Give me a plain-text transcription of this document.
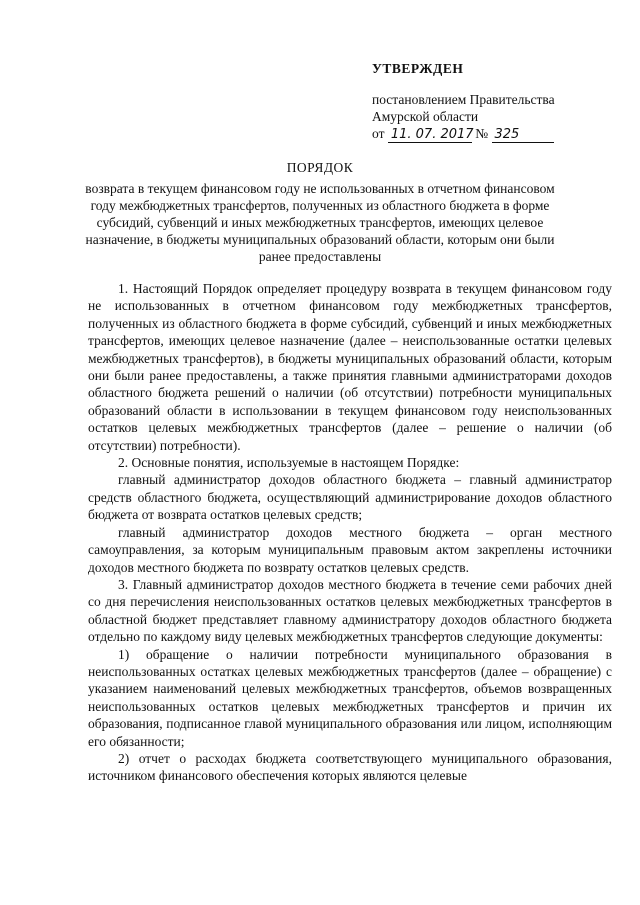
УТВЕРЖДЕН
постановлением Правительства
Амурской области
от 11. 07. 2017 № 325
ПОРЯДОК
возврата в текущем финансовом году не использованных в отчетном финансовом году межбюджетных трансфертов, полученных из областного бюджета в форме субсидий, субвенций и иных межбюджетных трансфертов, имеющих целевое назначение, в бюджеты муниципальных образований области, которым они были ранее предоставлены

1. Настоящий Порядок определяет процедуру возврата в текущем финансовом году не использованных в отчетном финансовом году межбюджетных трансфертов, полученных из областного бюджета в форме субсидий, субвенций и иных межбюджетных трансфертов, имеющих целевое назначение (далее – неиспользованные остатки целевых межбюджетных трансфертов), в бюджеты муниципальных образований области, которым они были ранее предоставлены, а также принятия главными администраторами доходов областного бюджета решений о наличии (об отсутствии) потребности муниципальных образований области в использовании в текущем финансовом году неиспользованных остатков целевых межбюджетных трансфертов (далее – решение о наличии (об отсутствии) потребности).

2. Основные понятия, используемые в настоящем Порядке:

главный администратор доходов областного бюджета – главный администратор средств областного бюджета, осуществляющий администрирование доходов областного бюджета от возврата остатков целевых средств;

главный администратор доходов местного бюджета – орган местного самоуправления, за которым муниципальным правовым актом закреплены источники доходов местного бюджета по возврату остатков целевых средств.

3. Главный администратор доходов местного бюджета в течение семи рабочих дней со дня перечисления неиспользованных остатков целевых межбюджетных трансфертов в областной бюджет представляет главному администратору доходов областного бюджета отдельно по каждому виду целевых межбюджетных трансфертов следующие документы:

1) обращение о наличии потребности муниципального образования в неиспользованных остатках целевых межбюджетных трансфертов (далее – обращение) с указанием наименований целевых межбюджетных трансфертов, объемов возвращенных неиспользованных остатков целевых межбюджетных трансфертов и причин их образования, подписанное главой муниципального образования или лицом, исполняющим его обязанности;

2) отчет о расходах бюджета соответствующего муниципального образования, источником финансового обеспечения которых являются целевые
